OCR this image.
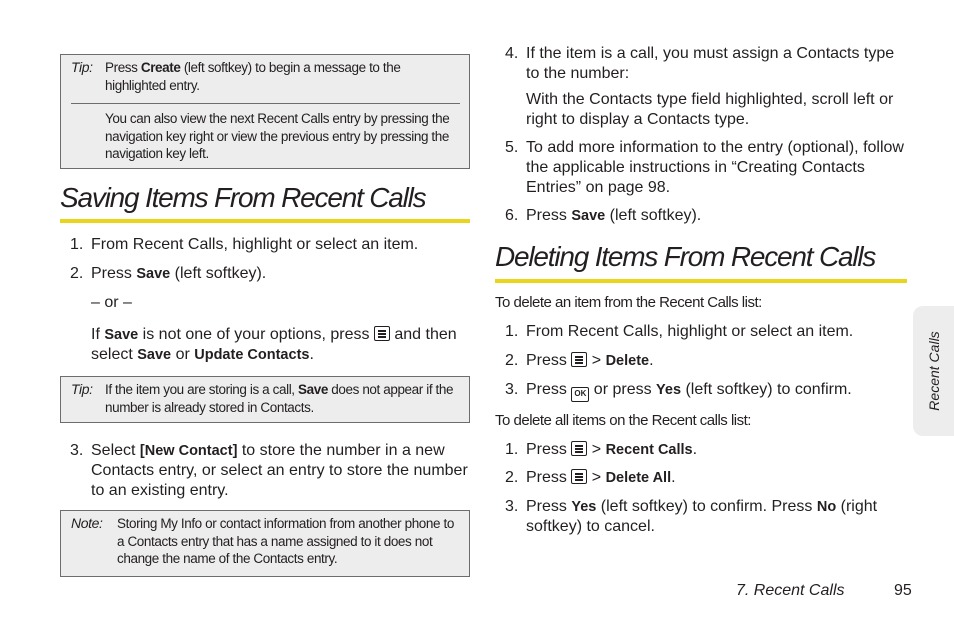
Tip: Press Create (left softkey) to begin a message to the highlighted entry.
You can also view the next Recent Calls entry by pressing the navigation key right or view the previous entry by pressing the navigation key left.
Saving Items From Recent Calls
1. From Recent Calls, highlight or select an item.
2. Press Save (left softkey).
– or –
If Save is not one of your options, press  and then select Save or Update Contacts.
Tip: If the item you are storing is a call, Save does not appear if the number is already stored in Contacts.
3. Select [New Contact] to store the number in a new Contacts entry, or select an entry to store the number to an existing entry.
Note:	Storing My Info or contact information from another phone to a Contacts entry that has a name assigned to it does not change the name of the Contacts entry.
4. If the item is a call, you must assign a Contacts type to the number:
With the Contacts type field highlighted, scroll left or right to display a Contacts type.
5. To add more information to the entry (optional), follow the applicable instructions in “Creating Contacts Entries” on page 98.
6. Press Save (left softkey).
Deleting Items From Recent Calls
To delete an item from the Recent Calls list:
1. From Recent Calls, highlight or select an item.
2. Press  > Delete.
3. Press OK or press Yes (left softkey) to confirm.
To delete all items on the Recent calls list:
1. Press  > Recent Calls.
2. Press  > Delete All.
3. Press Yes (left softkey) to confirm. Press No (right softkey) to cancel.
Recent Calls
7. Recent Calls	95
